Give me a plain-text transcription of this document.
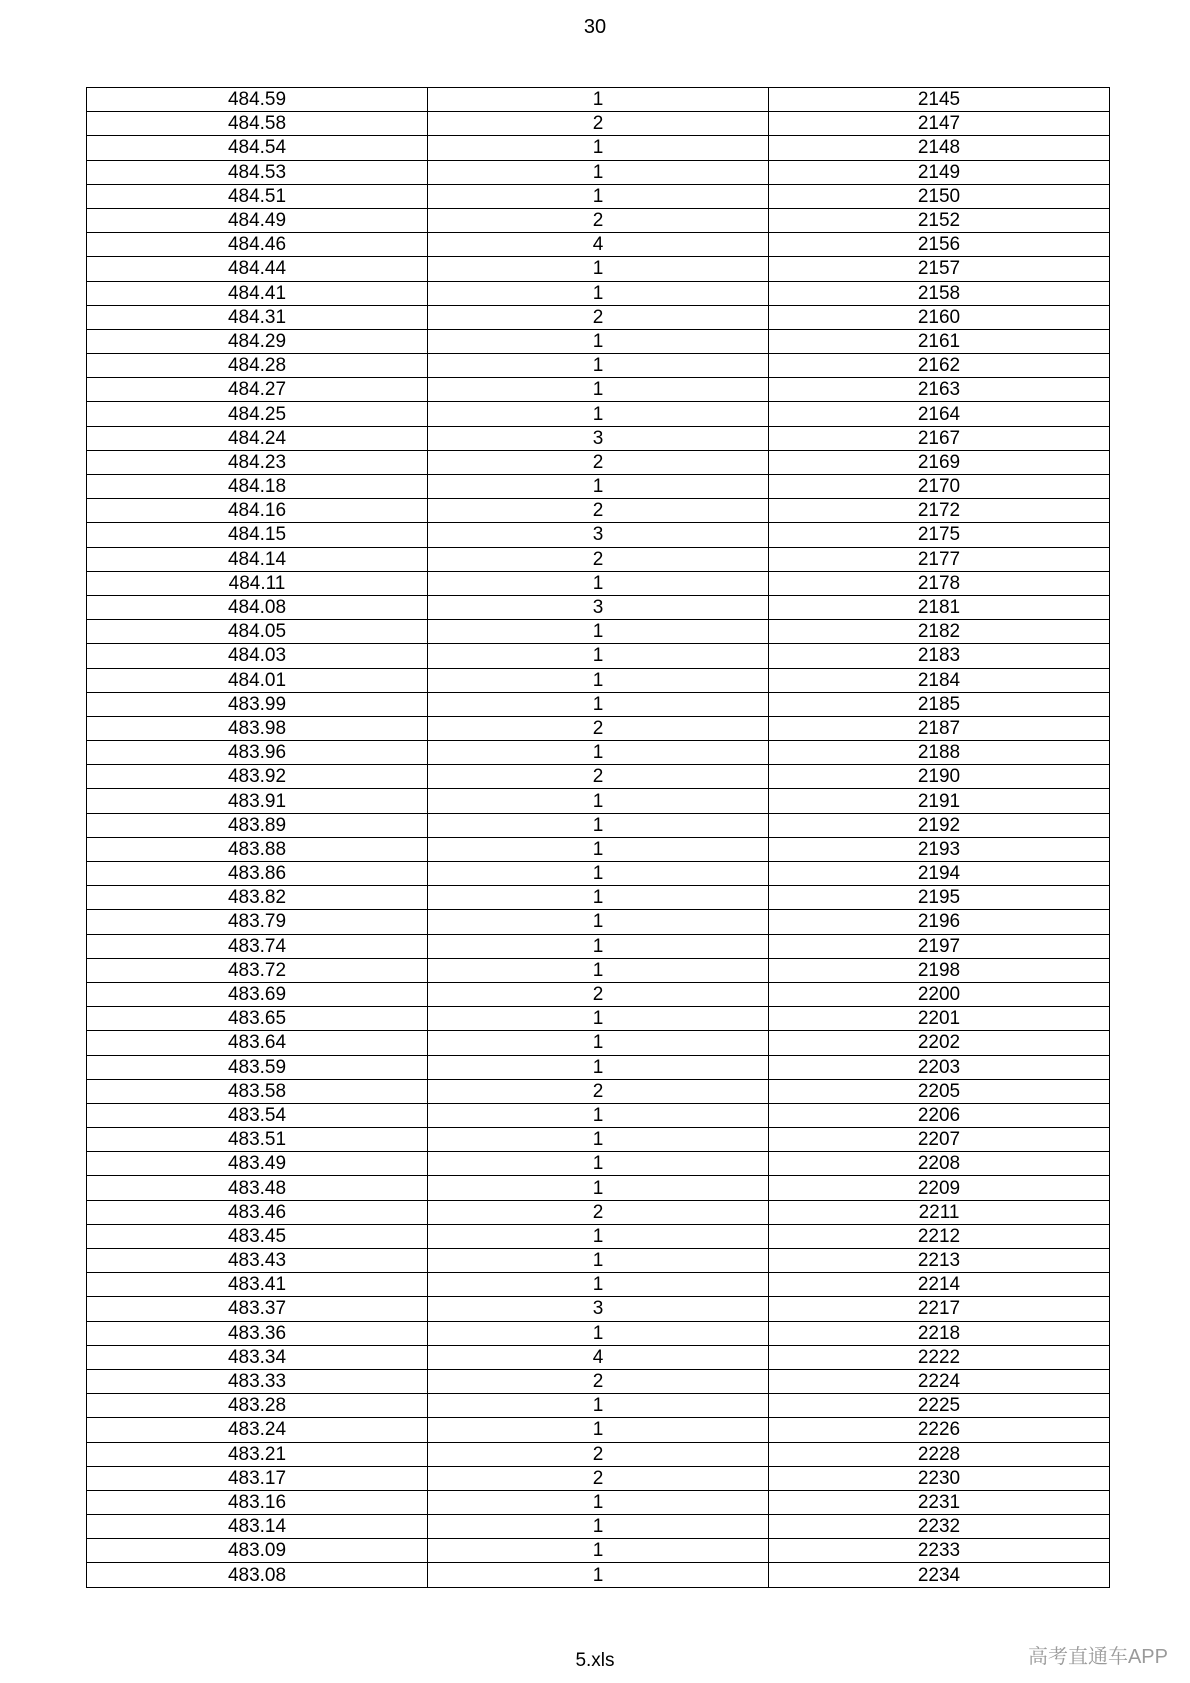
30
484.59	1	2145
484.58	2	2147
484.54	1	2148
484.53	1	2149
484.51	1	2150
484.49	2	2152
484.46	4	2156
484.44	1	2157
484.41	1	2158
484.31	2	2160
484.29	1	2161
484.28	1	2162
484.27	1	2163
484.25	1	2164
484.24	3	2167
484.23	2	2169
484.18	1	2170
484.16	2	2172
484.15	3	2175
484.14	2	2177
484.11	1	2178
484.08	3	2181
484.05	1	2182
484.03	1	2183
484.01	1	2184
483.99	1	2185
483.98	2	2187
483.96	1	2188
483.92	2	2190
483.91	1	2191
483.89	1	2192
483.88	1	2193
483.86	1	2194
483.82	1	2195
483.79	1	2196
483.74	1	2197
483.72	1	2198
483.69	2	2200
483.65	1	2201
483.64	1	2202
483.59	1	2203
483.58	2	2205
483.54	1	2206
483.51	1	2207
483.49	1	2208
483.48	1	2209
483.46	2	2211
483.45	1	2212
483.43	1	2213
483.41	1	2214
483.37	3	2217
483.36	1	2218
483.34	4	2222
483.33	2	2224
483.28	1	2225
483.24	1	2226
483.21	2	2228
483.17	2	2230
483.16	1	2231
483.14	1	2232
483.09	1	2233
483.08	1	2234
5.xls	高考直通车APP
